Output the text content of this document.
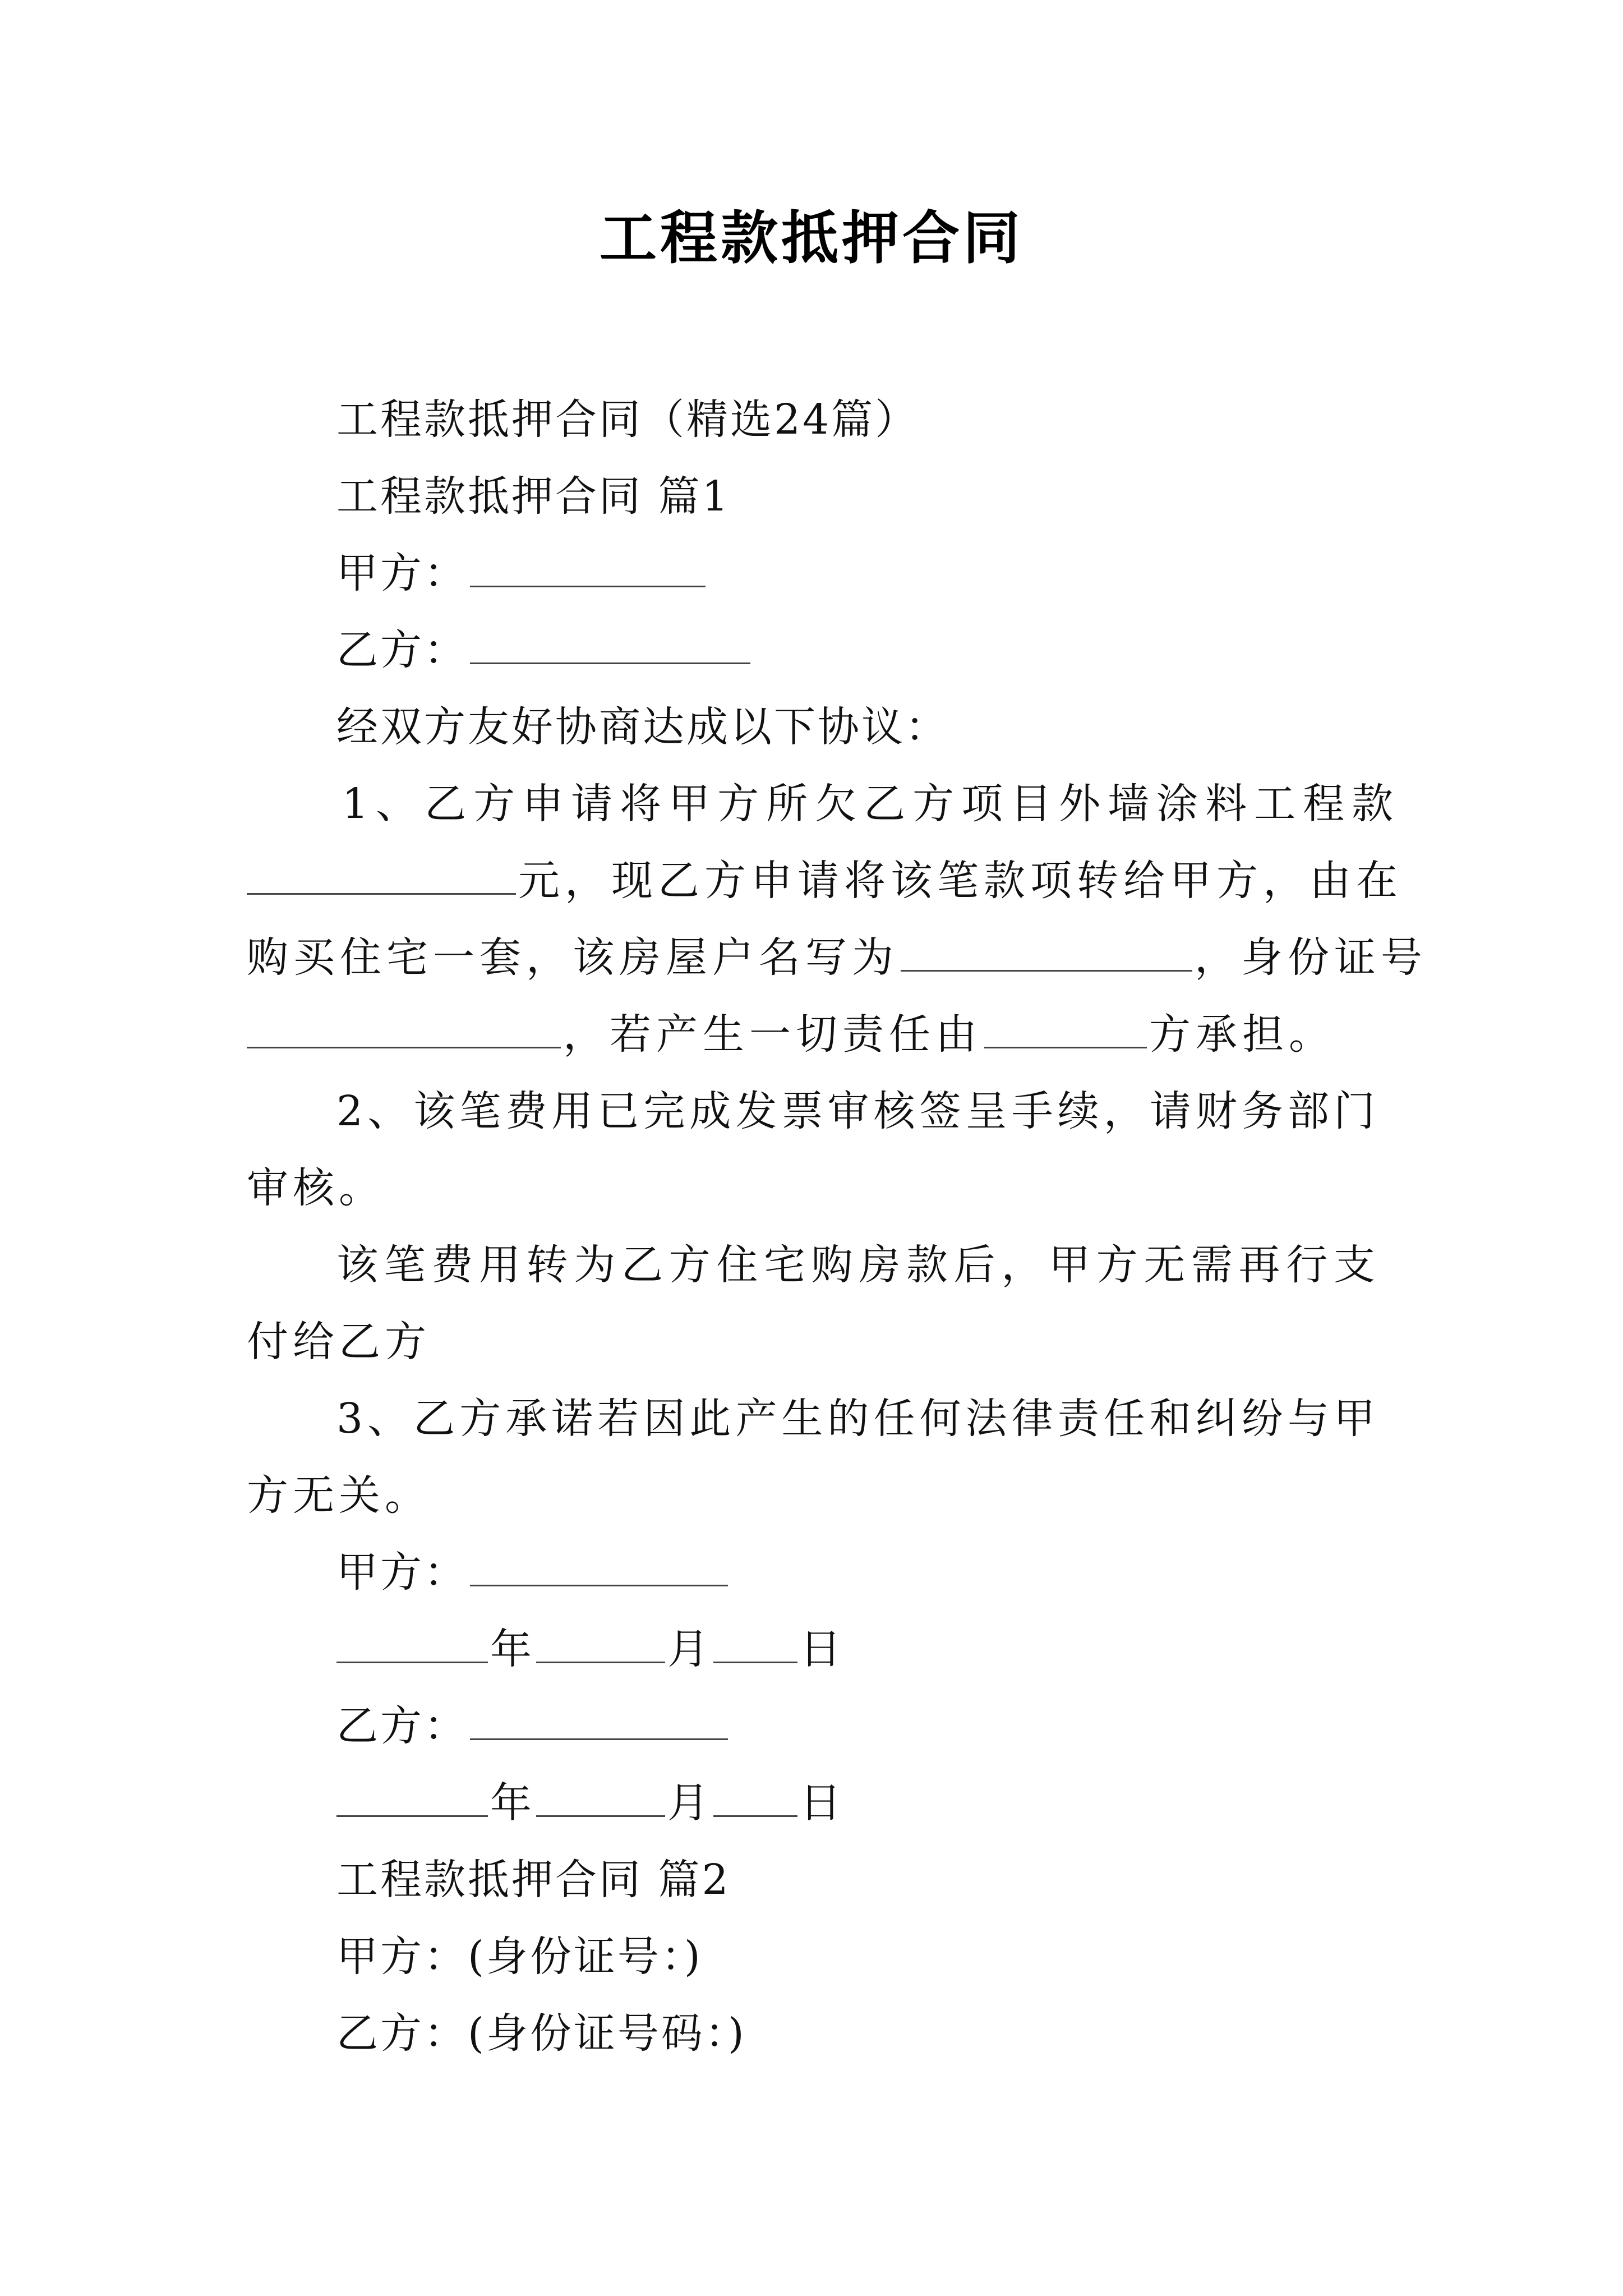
工程款抵押合同

工程款抵押合同（精选24篇）

工程款抵押合同 篇1

甲方：

乙方：

经双方友好协商达成以下协议：

1、乙方申请将甲方所欠乙方项目外墙涂料工程款

元，现乙方申请将该笔款项转给甲方，由在

购买住宅一套，该房屋户名写为	，身份证号

，若产生一切责任由	方承担。

2、该笔费用已完成发票审核签呈手续，请财务部门审核。

该笔费用转为乙方住宅购房款后，甲方无需再行支付给乙方

3、乙方承诺若因此产生的任何法律责任和纠纷与甲方无关。

甲方：

年	月 日

乙方：

年	月 日

工程款抵押合同 篇2

甲方：(身份证号：)

乙方：(身份证号码：)
